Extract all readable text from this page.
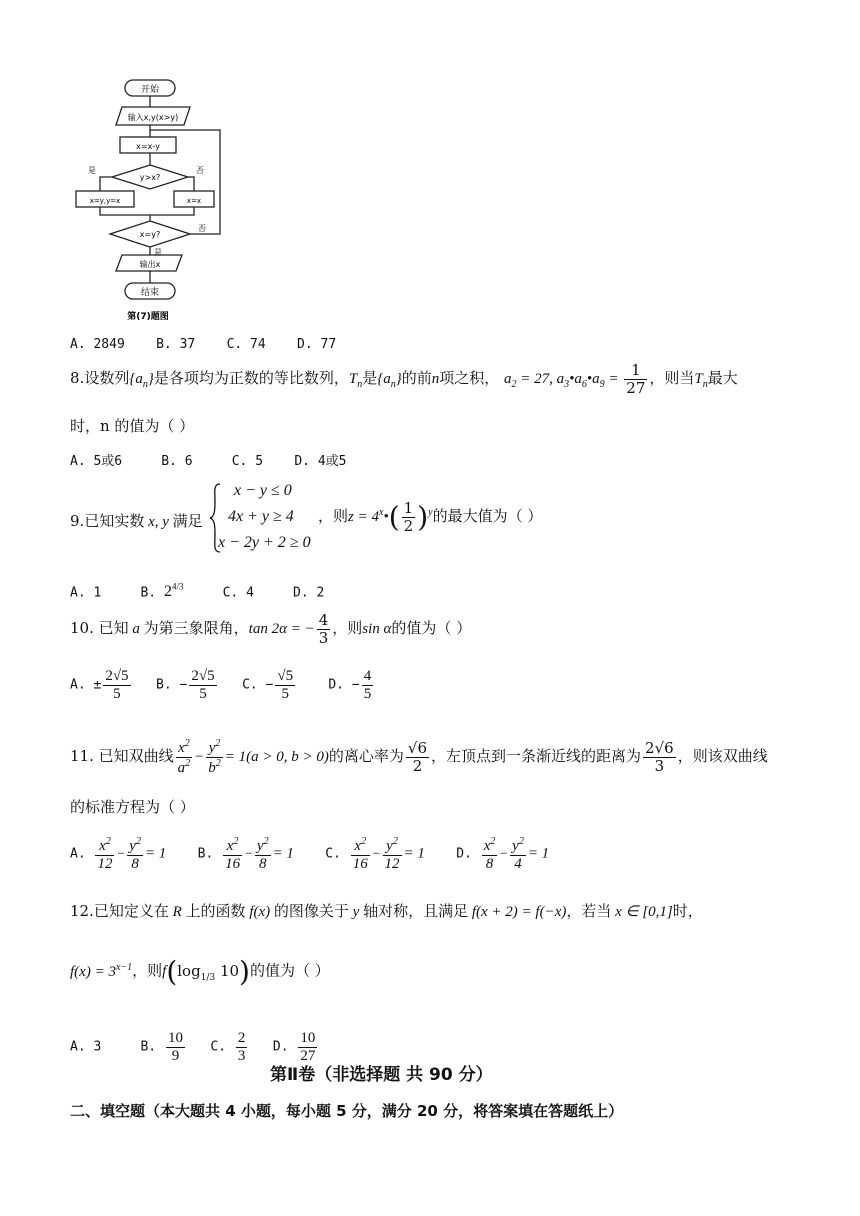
开始
输入x,y(x>y)
x=x-y
y>x?
是	否
x=y,y=x	x=x
x=y?
否
是
输出x
结束
第(7)题图
A. 2849 B. 37 C. 74 D. 77
8.设数列$\{a_n\}$是各项均为正数的等比数列，$T_n$是$\{a_n\}$的前n项之积， $a_2 = 27$, $a_3•a_6•a_9 = \frac{1}{27}$ ，则当$T_n$最大
时，n 的值为（ ）
A. 5或6	B. 6	C. 5 D. 4或5
9.已知实数 x, y 满足
x − y ≤ 0
4x + y ≥ 4
x − 2y + 2 ≥ 0
，则$z = 4^x•( \frac{1}{2} )^y$的最大值为（ ）
A. 1	B. $2^{4/3}$	C. 4	D. 2
10. 已知 a 为第三象限角，tan 2α = − $\frac{4}{3}$ ，则sin α的值为（ ）
A. ± $\frac{2√5}{5} B$. − $\frac{2√5}{5} C$. − $\frac{√5}{5}$	D. − $\frac{4}{5}$
11. 已知双曲线 $\frac{x^2}{a^2} - \frac{y^2}{b^2} = 1(a > 0$, b > 0)的离心率为 $\frac{√6}{2}$ ，左顶点到一条渐近线的距离为 $\frac{2√6}{3}$ ，则该双曲线
的标准方程为（ ）
A. $\frac{x^2}{12} - \frac{y^2}{8} = 1$ B. $\frac{x^2}{16} - \frac{y^2}{8} = 1$ C. $\frac{x^2}{16} - \frac{y^2}{12} = 1$ D. $\frac{x^2}{8} - \frac{y^2}{4} = 1$
12.已知定义在 R 上的函数 f(x) 的图像关于 y 轴对称，且满足 f(x + 2) = f(−x)，若当 x ∈ [0,1]时，
$f(x) = 3^{x-1}$，则$f(\log_{1/3}$ 10)的值为（ ）
A. 3	B. $\frac{10}{9} C$. $\frac{2}{3} D$. $\frac{10}{27}$
第Ⅱ卷（非选择题 共 90 分）
二、填空题（本大题共 4 小题，每小题 5 分，满分 20 分，将答案填在答题纸上）
